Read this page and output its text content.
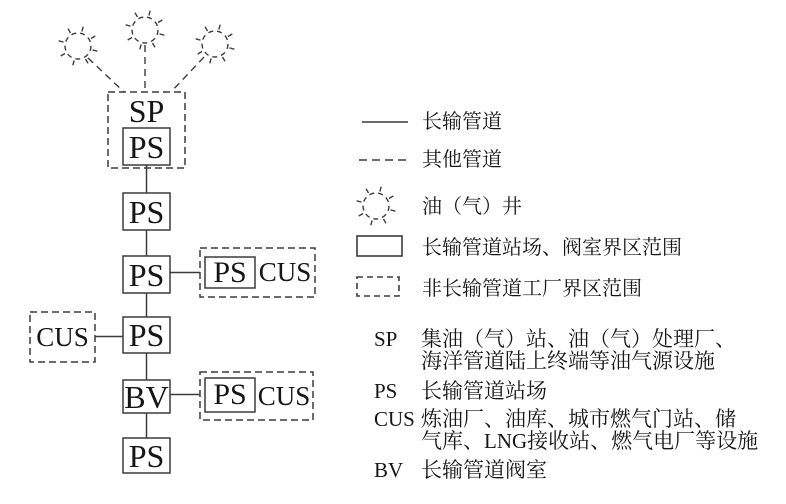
SP
PS
PS
PS PS CUS
CUS PS
BV PS CUS
PS
长输管道
其他管道
油（气）井
长输管道站场、阀室界区范围
非长输管道工厂界区范围
SP 集油（气）站、油（气）处理厂、
海洋管道陆上终端等油气源设施
PS 长输管道站场
CUS 炼油厂、油库、城市燃气门站、储
气库、LNG接收站、燃气电厂等设施
BV 长输管道阀室
